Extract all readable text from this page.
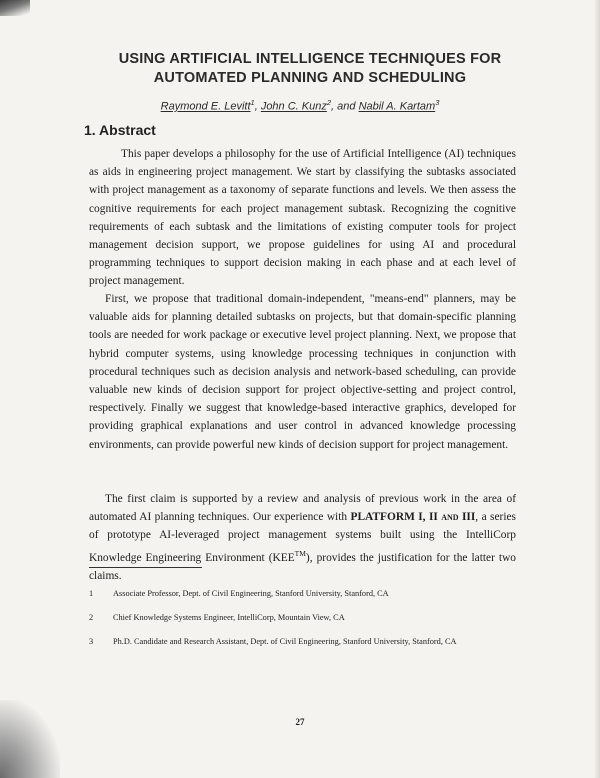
USING ARTIFICIAL INTELLIGENCE TECHNIQUES FOR AUTOMATED PLANNING AND SCHEDULING
Raymond E. Levitt$^1$, John C. Kunz$^2$, and Nabil A. Kartam$^3$
1. Abstract

This paper develops a philosophy for the use of Artificial Intelligence (AI) techniques as aids in engineering project management. We start by classifying the subtasks associated with project management as a taxonomy of separate functions and levels. We then assess the cognitive requirements for each project management subtask. Recognizing the cognitive requirements of each subtask and the limitations of existing computer tools for project management decision support, we propose guidelines for using AI and procedural programming techniques to support decision making in each phase and at each level of project management.

First, we propose that traditional domain-independent, "means-end" planners, may be valuable aids for planning detailed subtasks on projects, but that domain-specific planning tools are needed for work package or executive level project planning. Next, we propose that hybrid computer systems, using knowledge processing techniques in conjunction with procedural techniques such as decision analysis and network-based scheduling, can provide valuable new kinds of decision support for project objective-setting and project control, respectively. Finally we suggest that knowledge-based interactive graphics, developed for providing graphical explanations and user control in advanced knowledge processing environments, can provide powerful new kinds of decision support for project management.

The first claim is supported by a review and analysis of previous work in the area of automated AI planning techniques. Our experience with PLATFORM I, II and III, a series of prototype AI-leveraged project management systems built using the IntelliCorp Knowledge Engineering Environment (KEE™), provides the justification for the latter two claims.

1 Associate Professor, Dept. of Civil Engineering, Stanford University, Stanford, CA
2 Chief Knowledge Systems Engineer, IntelliCorp, Mountain View, CA
3 Ph.D. Candidate and Research Assistant, Dept. of Civil Engineering, Stanford University, Stanford, CA
27
